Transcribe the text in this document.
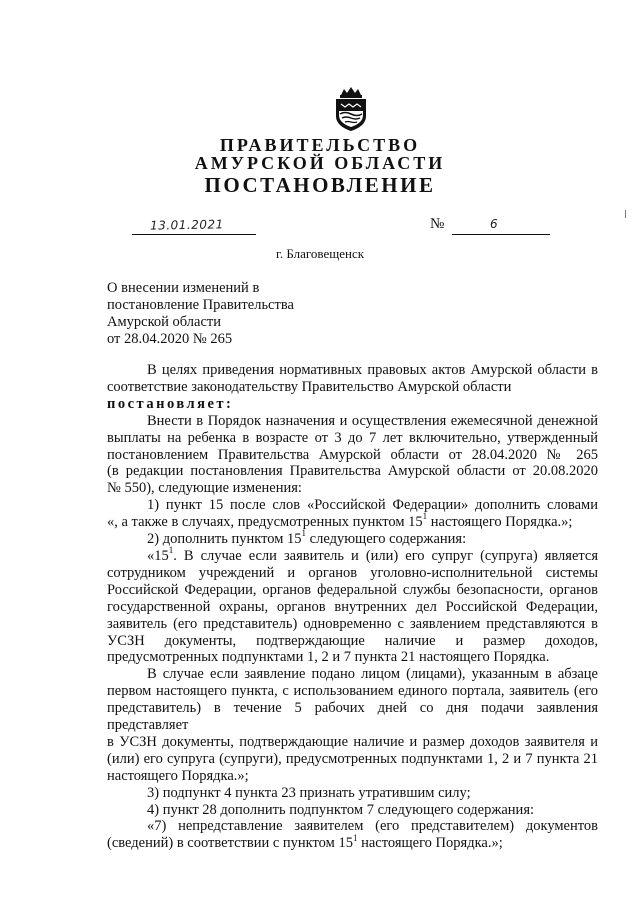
ПРАВИТЕЛЬСТВО
АМУРСКОЙ ОБЛАСТИ
ПОСТАНОВЛЕНИЕ
13.01.2021	№	6
г. Благовещенск
О внесении изменений в
постановление Правительства
Амурской области
от 28.04.2020 № 265

В целях приведения нормативных правовых актов Амурской области в

соответствие законодательству Правительство Амурской области

постановляет:

Внести в Порядок назначения и осуществления ежемесячной денежной

выплаты на ребенка в возрасте от 3 до 7 лет включительно, утвержденный

постановлением Правительства Амурской области от 28.04.2020 № 265

(в редакции постановления Правительства Амурской области от 20.08.2020

№ 550), следующие изменения:

1) пункт 15 после слов «Российской Федерации» дополнить словами

«, а также в случаях, предусмотренных пунктом $15^1$ настоящего Порядка.»;

2) дополнить пунктом $15^1$ следующего содержания:

«$15^1$. В случае если заявитель и (или) его супруг (супруга) является

сотрудником учреждений и органов уголовно-исполнительной системы

Российской Федерации, органов федеральной службы безопасности, органов

государственной охраны, органов внутренних дел Российской Федерации,

заявитель (его представитель) одновременно с заявлением представляются в

УСЗН документы, подтверждающие наличие и размер доходов,

предусмотренных подпунктами 1, 2 и 7 пункта 21 настоящего Порядка.

В случае если заявление подано лицом (лицами), указанным в абзаце

первом настоящего пункта, с использованием единого портала, заявитель (его

представитель) в течение 5 рабочих дней со дня подачи заявления представляет

в УСЗН документы, подтверждающие наличие и размер доходов заявителя и

(или) его супруга (супруги), предусмотренных подпунктами 1, 2 и 7 пункта 21

настоящего Порядка.»;

3) подпункт 4 пункта 23 признать утратившим силу;

4) пункт 28 дополнить подпунктом 7 следующего содержания:

«7) непредставление заявителем (его представителем) документов

(сведений) в соответствии с пунктом $15^1$ настоящего Порядка.»;
